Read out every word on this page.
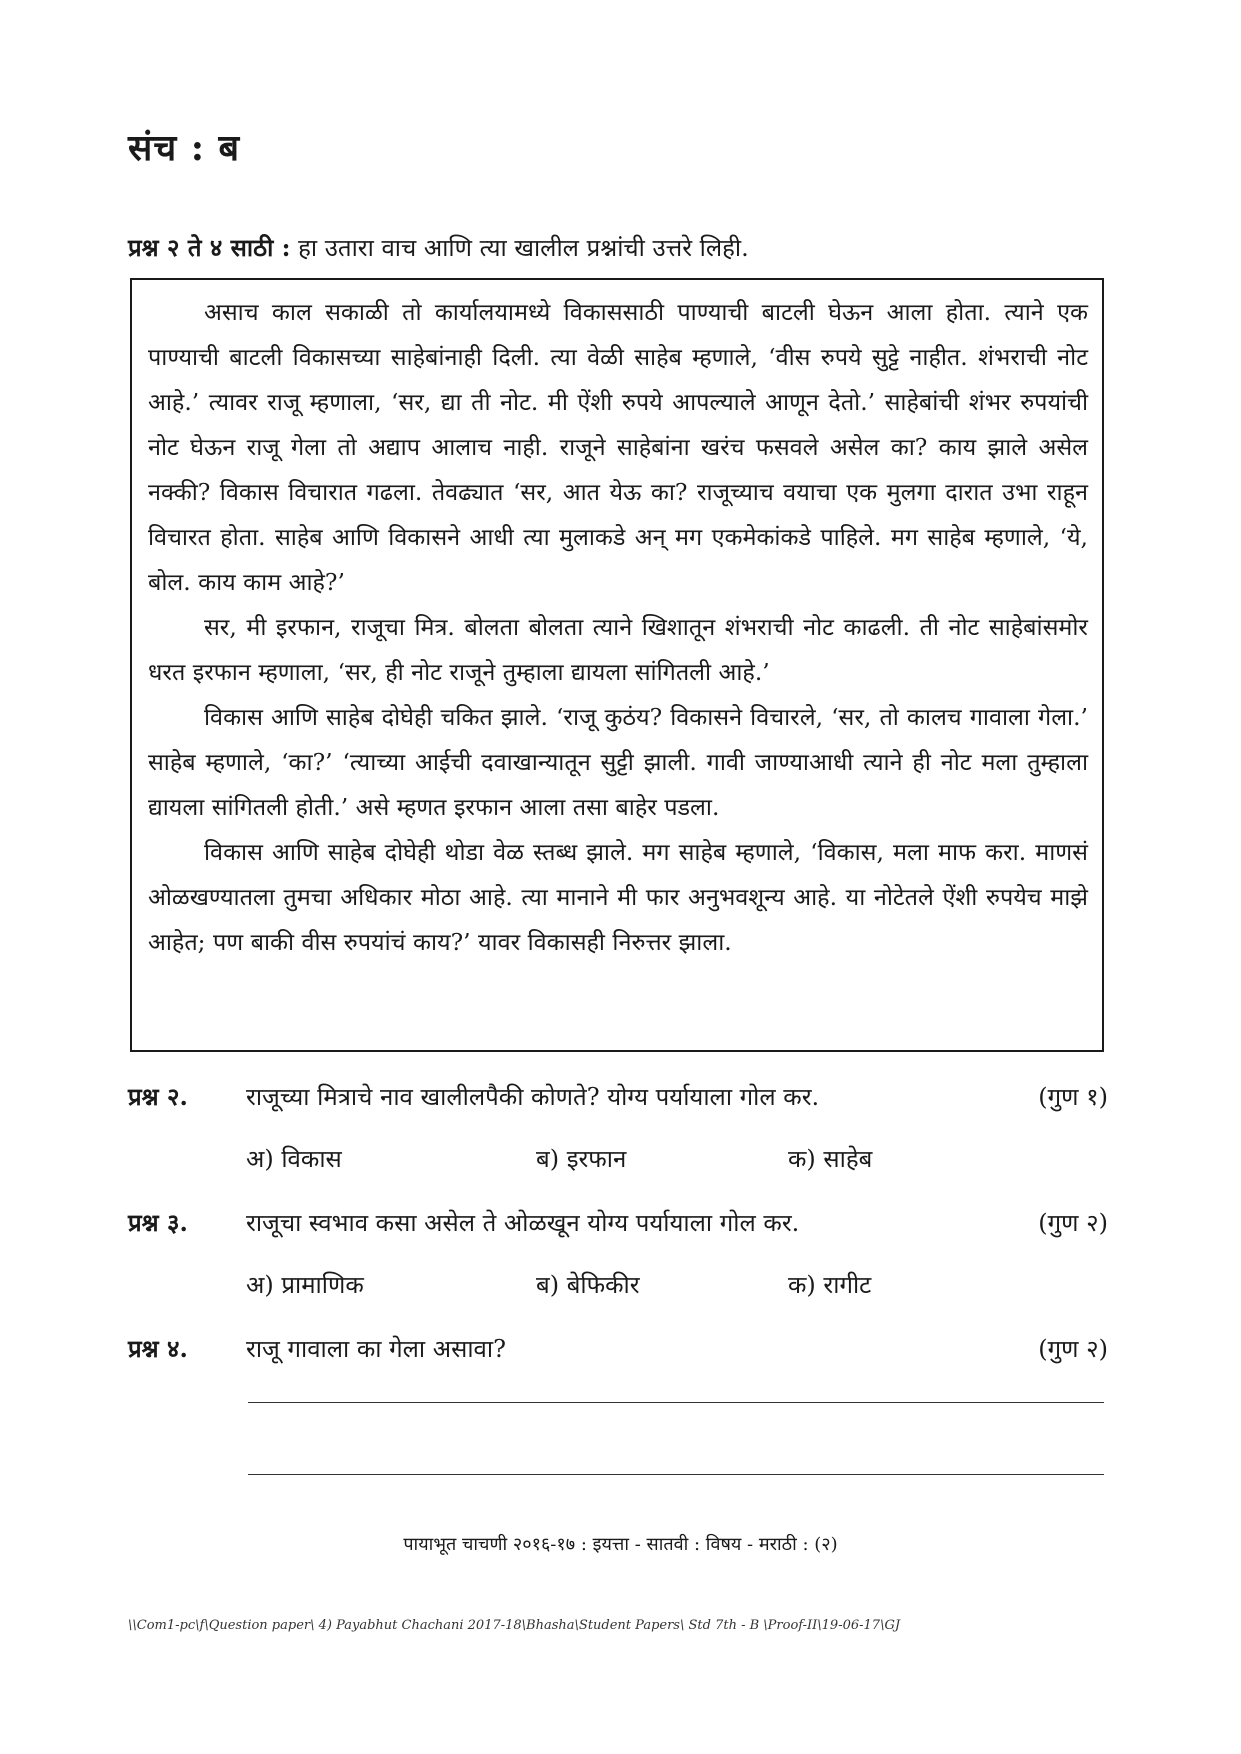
संच : ब
प्रश्न २ ते ४ साठी : हा उतारा वाच आणि त्या खालील प्रश्नांची उत्तरे लिही.

असाच काल सकाळी तो कार्यालयामध्ये विकाससाठी पाण्याची बाटली घेऊन आला होता. त्याने एक पाण्याची बाटली विकासच्या साहेबांनाही दिली. त्या वेळी साहेब म्हणाले, ‘वीस रुपये सुट्टे नाहीत. शंभराची नोट आहे.’ त्यावर राजू म्हणाला, ‘सर, द्या ती नोट. मी ऐंशी रुपये आपल्याले आणून देतो.’ साहेबांची शंभर रुपयांची नोट घेऊन राजू गेला तो अद्याप आलाच नाही. राजूने साहेबांना खरंच फसवले असेल का? काय झाले असेल नक्की? विकास विचारात गढला. तेवढ्यात ‘सर, आत येऊ का? राजूच्याच वयाचा एक मुलगा दारात उभा राहून विचारत होता. साहेब आणि विकासने आधी त्या मुलाकडे अन् मग एकमेकांकडे पाहिले. मग साहेब म्हणाले, ‘ये, बोल. काय काम आहे?’

सर, मी इरफान, राजूचा मित्र. बोलता बोलता त्याने खिशातून शंभराची नोट काढली. ती नोट साहेबांसमोर धरत इरफान म्हणाला, ‘सर, ही नोट राजूने तुम्हाला द्यायला सांगितली आहे.’

विकास आणि साहेब दोघेही चकित झाले. ‘राजू कुठंय? विकासने विचारले, ‘सर, तो कालच गावाला गेला.’ साहेब म्हणाले, ‘का?’ ‘त्याच्या आईची दवाखान्यातून सुट्टी झाली. गावी जाण्याआधी त्याने ही नोट मला तुम्हाला द्यायला सांगितली होती.’ असे म्हणत इरफान आला तसा बाहेर पडला.

विकास आणि साहेब दोघेही थोडा वेळ स्तब्ध झाले. मग साहेब म्हणाले, ‘विकास, मला माफ करा. माणसं ओळखण्यातला तुमचा अधिकार मोठा आहे. त्या मानाने मी फार अनुभवशून्य आहे. या नोटेतले ऐंशी रुपयेच माझे आहेत; पण बाकी वीस रुपयांचं काय?’ यावर विकासही निरुत्तर झाला.

प्रश्न २. राजूच्या मित्राचे नाव खालीलपैकी कोणते? योग्य पर्यायाला गोल कर.	(गुण १)
अ) विकास	ब) इरफान	क) साहेब
प्रश्न ३. राजूचा स्वभाव कसा असेल ते ओळखून योग्य पर्यायाला गोल कर.	(गुण २)
अ) प्रामाणिक	ब) बेफिकीर	क) रागीट
प्रश्न ४. राजू गावाला का गेला असावा?	(गुण २)
पायाभूत चाचणी २०१६-१७ : इयत्ता - सातवी : विषय - मराठी : (२)
\\Com1-pc\f\Question paper\ 4) Payabhut Chachani 2017-18\Bhasha\Student Papers\ Std 7th - B \Proof-II\19-06-17\GJ
